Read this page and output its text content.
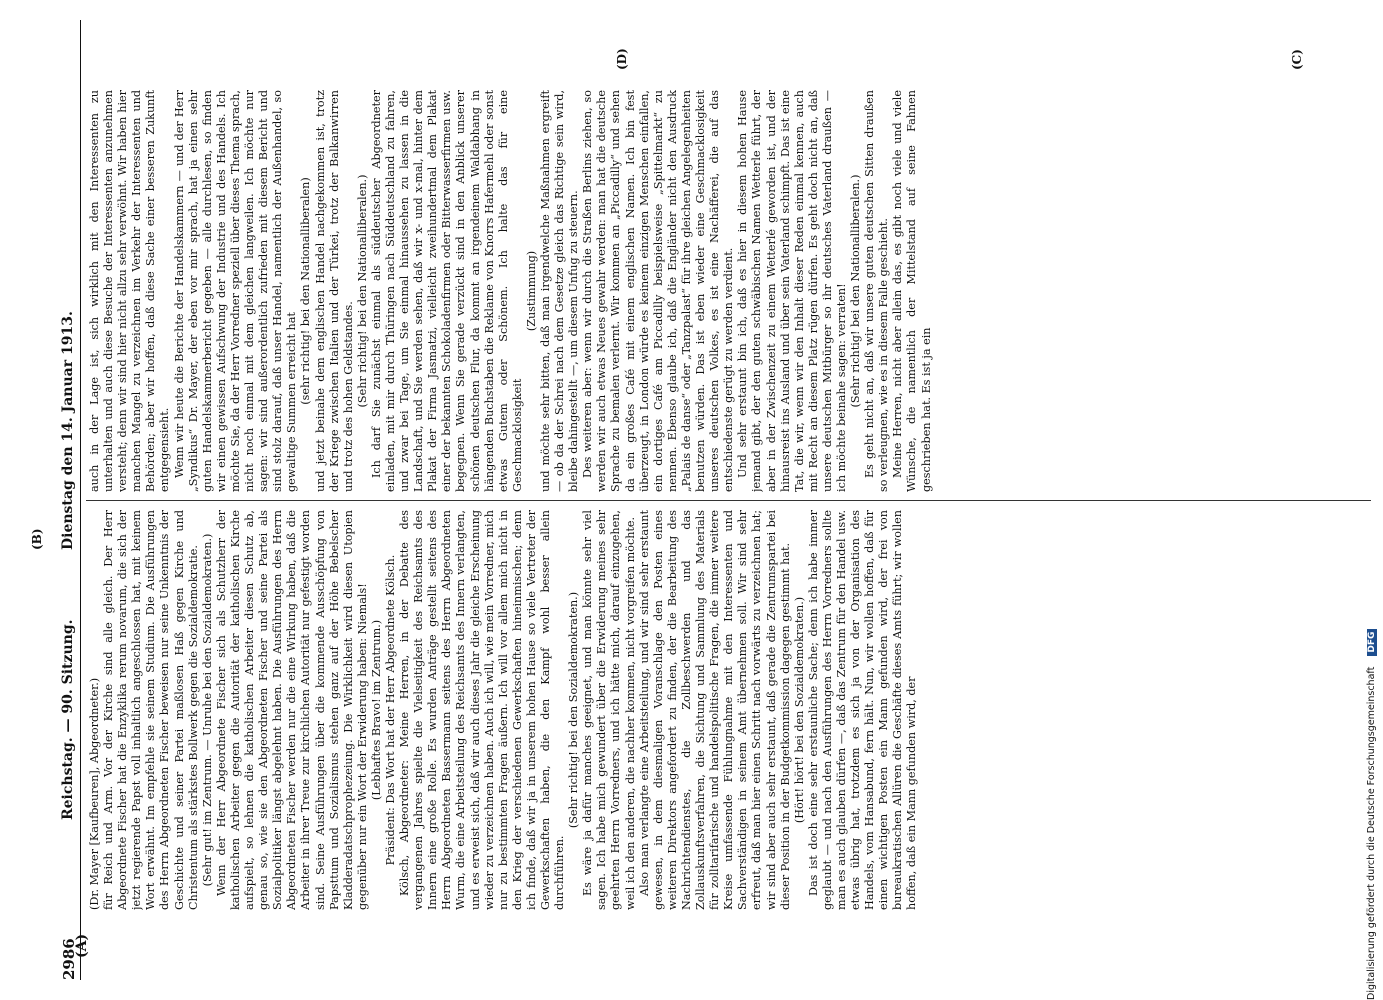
2986
Reichstag. — 90. Sitzung.
Dienstag den 14. Januar 1913.
(A)
(B)

(Dr. Mayer [Kaufbeuren], Abgeordneter.) für Reich und Arm. Vor der Kirche sind alle gleich. Der Herr Abgeordnete Fischer hat die Enzyklika rerum novarum, die sich der jetzt regierende Papst voll inhaltlich angeschlossen hat, mit keinem Wort erwähnt. Im empfehle sie seinem Studium. Die Ausführungen des Herrn Abgeordneten Fischer beweisen nur seine Unkenntnis der Geschichte und seiner Partei maßlosen Haß gegen Kirche und Christentum als stärkstes Bollwerk gegen die Sozialdemokratie. (Sehr gut! im Zentrum. — Unruhe bei den Sozialdemokraten.) Wenn der Herr Abgeordnete Fischer sich als Schutzherr der katholischen Arbeiter gegen die Autorität der katholischen Kirche aufspielt, so lehnen die katholischen Arbeiter diesen Schutz ab, genau so, wie sie den Abgeordneten Fischer und seine Partei als Sozialpolitiker längst abgelehnt haben. Die Ausführungen des Herrn Abgeordneten Fischer werden nur die eine Wirkung haben, daß die Arbeiter in ihrer Treue zur kirchlichen Autorität nur gefestigt worden sind. Seine Ausführungen über die kommende Ausschöpfung von Papsttum und Sozialismus stehen ganz auf der Höhe Bebelscher Kladderadatschprophezeiung. Die Wirklichkeit wird diesen Utopien gegenüber nur ein Wort der Erwiderung haben: Niemals! (Lebhaftes Bravo! im Zentrum.) Präsident: Das Wort hat der Herr Abgeordnete Kölsch. Kölsch, Abgeordneter: Meine Herren, in der Debatte des vergangenen Jahres spielte die Vielseitigkeit des Reichsamts des Innern eine große Rolle. Es wurden Anträge gestellt seitens des Herrn Abgeordneten Bassermann seitens des Herrn Abgeordneten Wurm, die eine Arbeitsteilung des Reichsamts des Innern verlangten, und es erweist sich, daß wir auch dieses Jahr die gleiche Erscheinung wieder zu verzeichnen haben. Auch ich will, wie mein Vorredner, mich nur zu bestimmten Fragen äußern. Ich will vor allem mich nicht in den Krieg der verschiedenen Gewerkschaften hineinmischen; denn ich finde, daß wir ja in unserem hohen Hause so viele Vertreter der Gewerkschaften haben, die den Kampf wohl besser allein durchführen.

(Sehr richtig! bei den Sozialdemokraten.) Es wäre ja dafür manches geeignet, und man könnte sehr viel sagen. Ich habe mich gewundert über die Erwiderung meines sehr geehrten Herrn Vorredners, und ich hätte mich, darauf einzugehen, weil ich den anderen, die nachher kommen, nicht vorgreifen möchte. Also man verlangte eine Arbeitsteilung, und wir sind sehr erstaunt gewesen, in dem diesmaligen Voranschlage den Posten eines weiteren Direktors angefordert zu finden, der die Bearbeitung des Nachrichtendienstes, die Zollbeschwerden und das Zollauskunftsverfahren, die Sichtung und Sammlung des Materials für zolltarifarische und handelspolitische Fragen, die immer weitere Kreise umfassende Fühlungnahme mit den Interessenten und Sachverständigen in seinem Amt übernehmen soll. Wir sind sehr erfreut, daß man hier einen Schritt nach vorwärts zu verzeichnen hat; wir sind aber auch sehr erstaunt, daß gerade die Zentrumspartei bei dieser Position in der Budgetkommission dagegen gestimmt hat. (Hört! hört! bei den Sozialdemokraten.) Das ist doch eine sehr erstaunliche Sache; denn ich habe immer geglaubt — und nach den Ausführungen des Herrn Vorredners sollte man es auch glauben dürfen —, daß das Zentrum für den Handel usw. etwas übrig hat, trotzdem es sich ja von der Organisation des Handels, vom Hansabund, fern hält. Nun, wir wollen hoffen, daß für einen wichtigen Posten ein Mann gefunden wird, der frei von bureaukratischen Allüren die Geschäfte dieses Amts führt; wir wollen hoffen, daß ein Mann gefunden wird, der

auch in der Lage ist, sich wirklich mit den Interessenten zu unterhalten und auch diese Besuche der Interessenten anzunehmen versteht; denn wir sind hier nicht allzu sehr verwöhnt. Wir haben hier manchen Mangel zu verzeichnen im Verkehr der Interessenten und Behörden; aber wir hoffen, daß diese Sache einer besseren Zukunft entgegensieht. Wenn wir heute die Berichte der Handelskammern — und der Herr „Syndikus“ Dr. Mayer, der eben vor mir sprach, hat ja einen sehr guten Handelskammerbericht gegeben — alle durchlesen, so finden wir einen gewissen Aufschwung der Industrie und des Handels. Ich möchte Sie, da der Herr Vorredner speziell über dieses Thema sprach, nicht noch einmal mit dem gleichen langweilen. Ich möchte nur sagen: wir sind außerordentlich zufrieden mit diesem Bericht und sind stolz darauf, daß unser Handel, namentlich der Außenhandel, so gewaltige Summen erreicht hat (sehr richtig! bei den Nationalliberalen) und jetzt beinahe dem englischen Handel nachgekommen ist, trotz der Kriege zwischen Italien und der Türkei, trotz der Balkanwirren und trotz des hohen Geldstandes. (Sehr richtig! bei den Nationalliberalen.) Ich darf Sie zunächst einmal als süddeutscher Abgeordneter einladen, mit mir durch Thüringen nach Süddeutschland zu fahren, und zwar bei Tage, um Sie einmal hinaussehen zu lassen in die Landschaft, und Sie werden sehen, daß wir x- und x-mal, hinter dem Plakat der Firma Jasmatzi, vielleicht zweihundertmal dem Plakat einer der bekannten Schokoladenfirmen oder Bitterwasserfirmen usw. begegnen. Wenn Sie gerade verzückt sind in den Anblick unserer schönen deutschen Flur, da kommt an irgendeinem Waldabhang in hängenden Buchstaben die Reklame von Knorrs Hafermehl oder sonst etwas Gutem oder Schönem. Ich halte das für eine Geschmacklosigkeit

(Zustimmung) und möchte sehr bitten, daß man irgendwelche Maßnahmen ergreift — ob da der Schrei nach dem Gesetze gleich das Richtige sein wird, bleibe dahingestellt —, um diesem Unfug zu steuern. Des weiteren aber: wenn wir durch die Straßen Berlins ziehen, so werden wir auch etwas Neues gewahr werden: man hat die deutsche Sprache zu bemalen verlernt. Wir kommen an „Piccadilly“ und sehen da ein großes Café mit einem englischen Namen. Ich bin fest überzeugt, in London würde es keinem einzigen Menschen einfallen, ein dortiges Café am Piccadilly beispielsweise „Spittelmarkt“ zu nennen. Ebenso glaube ich, daß die Engländer nicht den Ausdruck „Palais de danse“ oder „Tanzpalast“ für ihre gleichen Angelegenheiten benutzen würden. Das ist eben wieder eine Geschmacklosigkeit unseres deutschen Volkes, es ist eine Nachäfferei, die auf das entschiedenste gerügt zu werden verdient. Und sehr erstaunt bin ich, daß es hier in diesem hohen Hause jemand gibt, der den guten schwäbischen Namen Wetterle führt, der aber in der Zwischenzeit zu einem Wetterlé geworden ist, und der hinausreist ins Ausland und über sein Vaterland schimpft. Das ist eine Tat, die wir, wenn wir den Inhalt dieser Reden einmal kennen, auch mit Recht an diesem Platz rügen dürfen. Es geht doch nicht an, daß unsere deutschen Mitbürger so ihr deutsches Vaterland draußen — ich möchte beinahe sagen: verraten! (Sehr richtig! bei den Nationalliberalen.) Es geht nicht an, daß wir unsere guten deutschen Sitten draußen so verleugnen, wie es in diesem Falle geschieht. Meine Herren, nicht aber allein das, es gibt noch viele und viele Wünsche, die namentlich der Mittelstand auf seine Fahnen geschrieben hat. Es ist ja ein

(C)
(D)
Digitalisierung gefördert durch die Deutsche Forschungsgemeinschaft DFG
